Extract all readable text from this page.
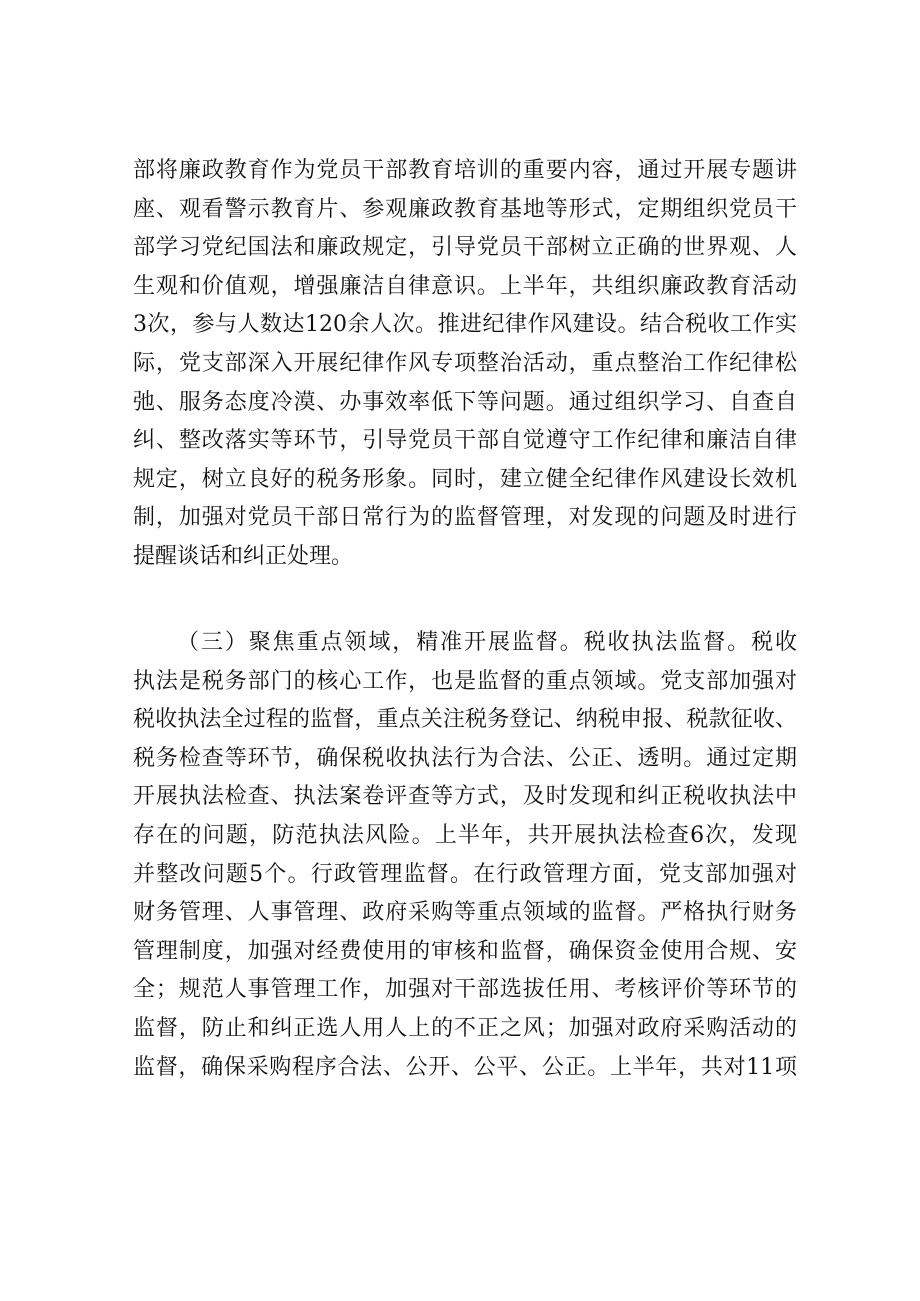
部将廉政教育作为党员干部教育培训的重要内容，通过开展专题讲
座、观看警示教育片、参观廉政教育基地等形式，定期组织党员干
部学习党纪国法和廉政规定，引导党员干部树立正确的世界观、人
生观和价值观，增强廉洁自律意识。上半年，共组织廉政教育活动
3次，参与人数达120余人次。推进纪律作风建设。结合税收工作实
际，党支部深入开展纪律作风专项整治活动，重点整治工作纪律松
弛、服务态度冷漠、办事效率低下等问题。通过组织学习、自查自
纠、整改落实等环节，引导党员干部自觉遵守工作纪律和廉洁自律
规定，树立良好的税务形象。同时，建立健全纪律作风建设长效机
制，加强对党员干部日常行为的监督管理，对发现的问题及时进行
提醒谈话和纠正处理。
（三）聚焦重点领域，精准开展监督。税收执法监督。税收
执法是税务部门的核心工作，也是监督的重点领域。党支部加强对
税收执法全过程的监督，重点关注税务登记、纳税申报、税款征收、
税务检查等环节，确保税收执法行为合法、公正、透明。通过定期
开展执法检查、执法案卷评查等方式，及时发现和纠正税收执法中
存在的问题，防范执法风险。上半年，共开展执法检查6次，发现
并整改问题5个。行政管理监督。在行政管理方面，党支部加强对
财务管理、人事管理、政府采购等重点领域的监督。严格执行财务
管理制度，加强对经费使用的审核和监督，确保资金使用合规、安
全；规范人事管理工作，加强对干部选拔任用、考核评价等环节的
监督，防止和纠正选人用人上的不正之风；加强对政府采购活动的
监督，确保采购程序合法、公开、公平、公正。上半年，共对11项
